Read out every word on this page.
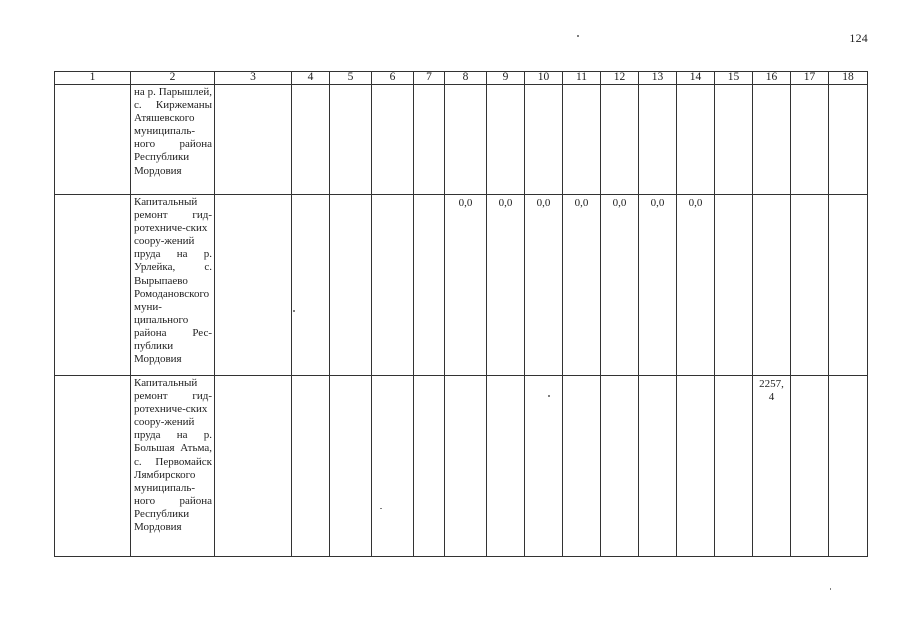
124
1	2	3	4	5	6	7	8	9	10	11	12	13	14	15	16	17	18
	на р. Парышлей, с. Киржеманы Атяшевского муниципаль-ного района Республики Мордовия																
	Капитальный ремонт гид-ротехниче-ских соору-жений пруда на р. Урлейка, с. Вырыпаево Ромодановского муни-ципального района Рес-публики Мордовия						0,0	0,0	0,0	0,0	0,0	0,0	0,0				
	Капитальный ремонт гид-ротехниче-ских соору-жений пруда на р. Большая Атьма, с. Первомайск Лямбирского муниципаль-ного района Республики Мордовия														2257,4		
